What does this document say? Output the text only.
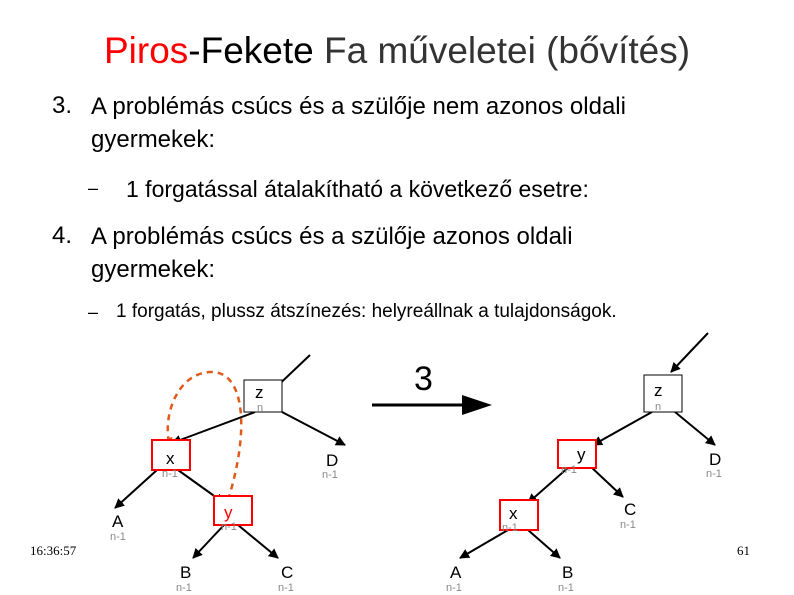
Piros-Fekete Fa műveletei (bővítés)
3. A problémás csúcs és a szülője nem azonos oldali
gyermekek:
– 1 forgatással átalakítható a következő esetre:
4. A problémás csúcs és a szülője azonos oldali
gyermekek:
– 1 forgatás, plussz átszínezés: helyreállnak a tulajdonságok.
z
n
x
n-1
D
n-1
A
n-1
y
n-1
B
n-1
C
n-1
3	z
n
y
n-1
D
n-1
x
n-1
C
n-1
A
n-1
B
n-1
16:36:57	61
